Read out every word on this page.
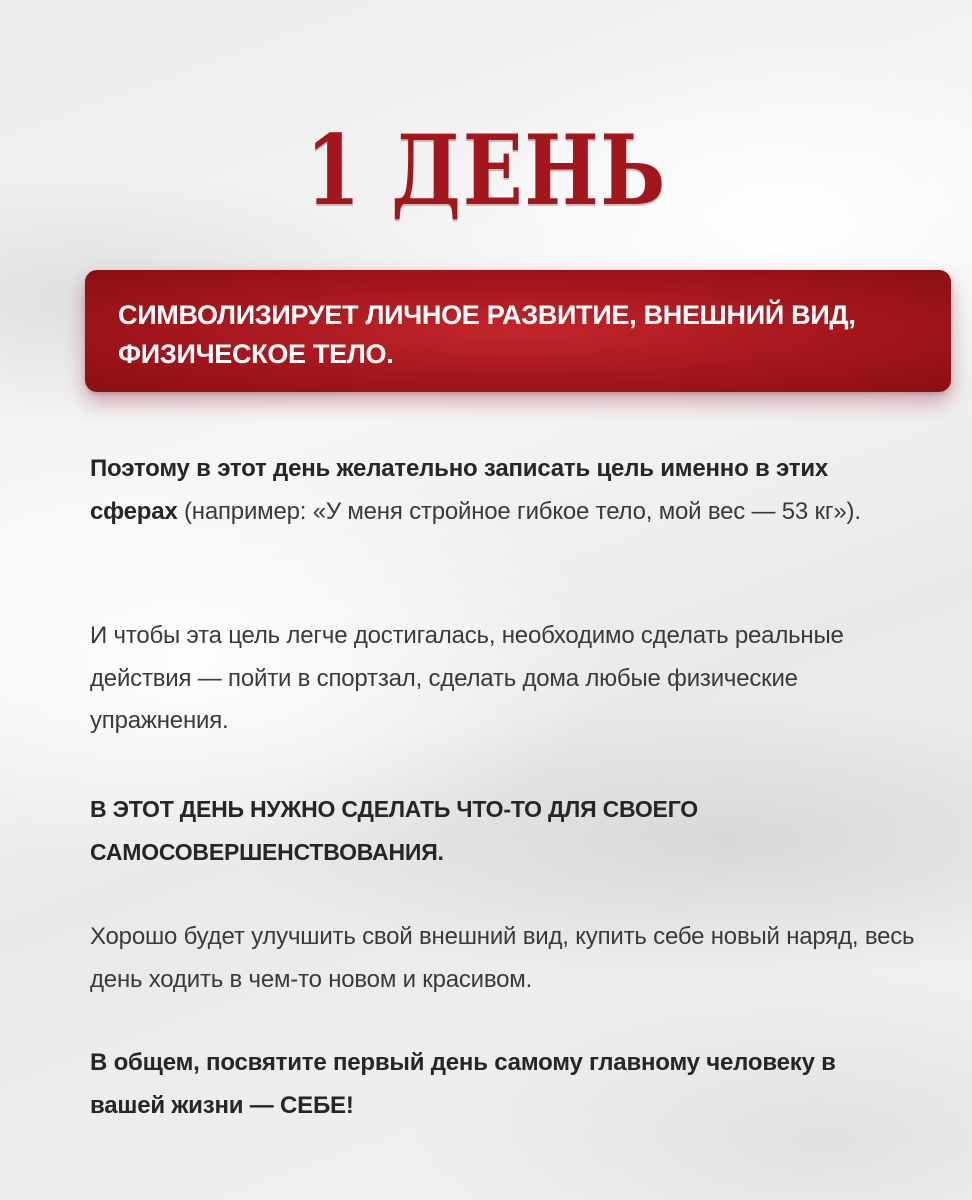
1 ДЕНЬ
СИМВОЛИЗИРУЕТ ЛИЧНОЕ РАЗВИТИЕ, ВНЕШНИЙ ВИД, ФИЗИЧЕСКОЕ ТЕЛО.

Поэтому в этот день желательно записать цель именно в этих сферах (например: «У меня стройное гибкое тело, мой вес — 53 кг»).

И чтобы эта цель легче достигалась, необходимо сделать реальные действия — пойти в спортзал, сделать дома любые физические упражнения.

В ЭТОТ ДЕНЬ НУЖНО СДЕЛАТЬ ЧТО-ТО ДЛЯ СВОЕГО САМОСОВЕРШЕНСТВОВАНИЯ.

Хорошо будет улучшить свой внешний вид, купить себе новый наряд, весь день ходить в чем-то новом и красивом.

В общем, посвятите первый день самому главному человеку в вашей жизни — СЕБЕ!
